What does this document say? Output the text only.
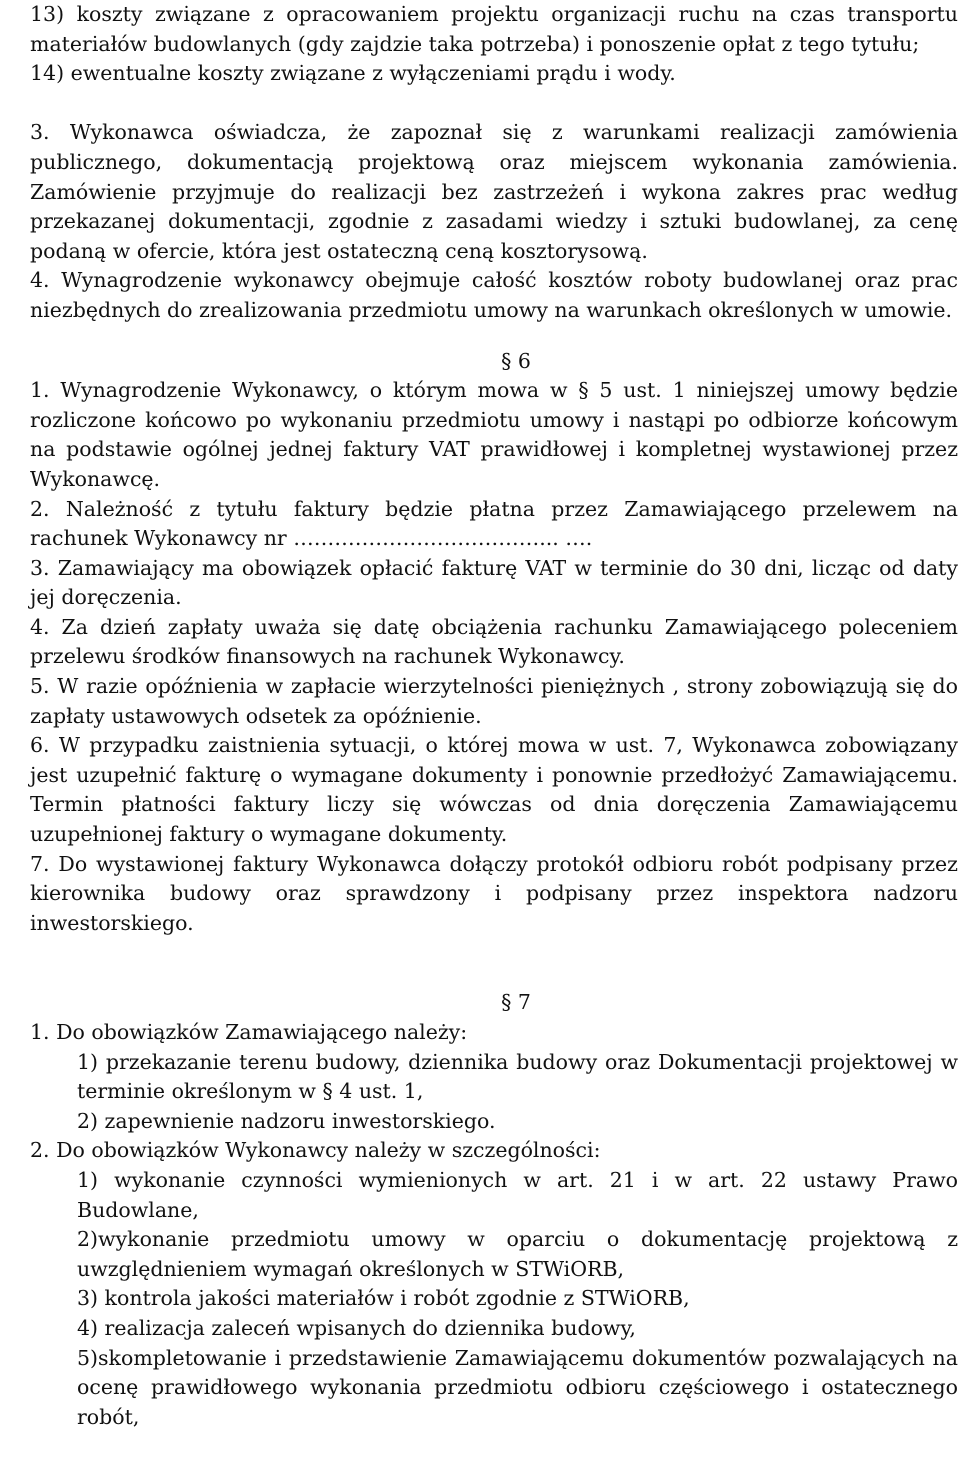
13) koszty związane z opracowaniem projektu organizacji ruchu na czas transportu materiałów budowlanych (gdy zajdzie taka potrzeba) i ponoszenie opłat z tego tytułu;

14) ewentualne koszty związane z wyłączeniami prądu i wody.

3. Wykonawca oświadcza, że zapoznał się z warunkami realizacji zamówienia publicznego, dokumentacją projektową oraz miejscem wykonania zamówienia. Zamówienie przyjmuje do realizacji bez zastrzeżeń i wykona zakres prac według przekazanej dokumentacji, zgodnie z zasadami wiedzy i sztuki budowlanej, za cenę podaną w ofercie, która jest ostateczną ceną kosztorysową.

4. Wynagrodzenie wykonawcy obejmuje całość kosztów roboty budowlanej oraz prac niezbędnych do zrealizowania przedmiotu umowy na warunkach określonych w umowie.

§ 6

1. Wynagrodzenie Wykonawcy, o którym mowa w § 5 ust. 1 niniejszej umowy będzie rozliczone końcowo po wykonaniu przedmiotu umowy i nastąpi po odbiorze końcowym na podstawie ogólnej jednej faktury VAT prawidłowej i kompletnej wystawionej przez Wykonawcę.

2. Należność z tytułu faktury będzie płatna przez Zamawiającego przelewem na rachunek Wykonawcy nr ………………………………... ….

3. Zamawiający ma obowiązek opłacić fakturę VAT w terminie do 30 dni, licząc od daty jej doręczenia.

4. Za dzień zapłaty uważa się datę obciążenia rachunku Zamawiającego poleceniem przelewu środków finansowych na rachunek Wykonawcy.

5. W razie opóźnienia w zapłacie wierzytelności pieniężnych , strony zobowiązują się do zapłaty ustawowych odsetek za opóźnienie.

6. W przypadku zaistnienia sytuacji, o której mowa w ust. 7, Wykonawca zobowiązany jest uzupełnić fakturę o wymagane dokumenty i ponownie przedłożyć Zamawiającemu. Termin płatności faktury liczy się wówczas od dnia doręczenia Zamawiającemu uzupełnionej faktury o wymagane dokumenty.

7. Do wystawionej faktury Wykonawca dołączy protokół odbioru robót podpisany przez kierownika budowy oraz sprawdzony i podpisany przez inspektora nadzoru inwestorskiego.

§ 7

1. Do obowiązków Zamawiającego należy:

1) przekazanie terenu budowy, dziennika budowy oraz Dokumentacji projektowej w terminie określonym w § 4 ust. 1,

2) zapewnienie nadzoru inwestorskiego.

2. Do obowiązków Wykonawcy należy w szczególności:

1) wykonanie czynności wymienionych w art. 21 i w art. 22 ustawy Prawo Budowlane,

2)wykonanie przedmiotu umowy w oparciu o dokumentację projektową z uwzględnieniem wymagań określonych w STWiORB,

3) kontrola jakości materiałów i robót zgodnie z STWiORB,

4) realizacja zaleceń wpisanych do dziennika budowy,

5)skompletowanie i przedstawienie Zamawiającemu dokumentów pozwalających na ocenę prawidłowego wykonania przedmiotu odbioru częściowego i ostatecznego robót,
